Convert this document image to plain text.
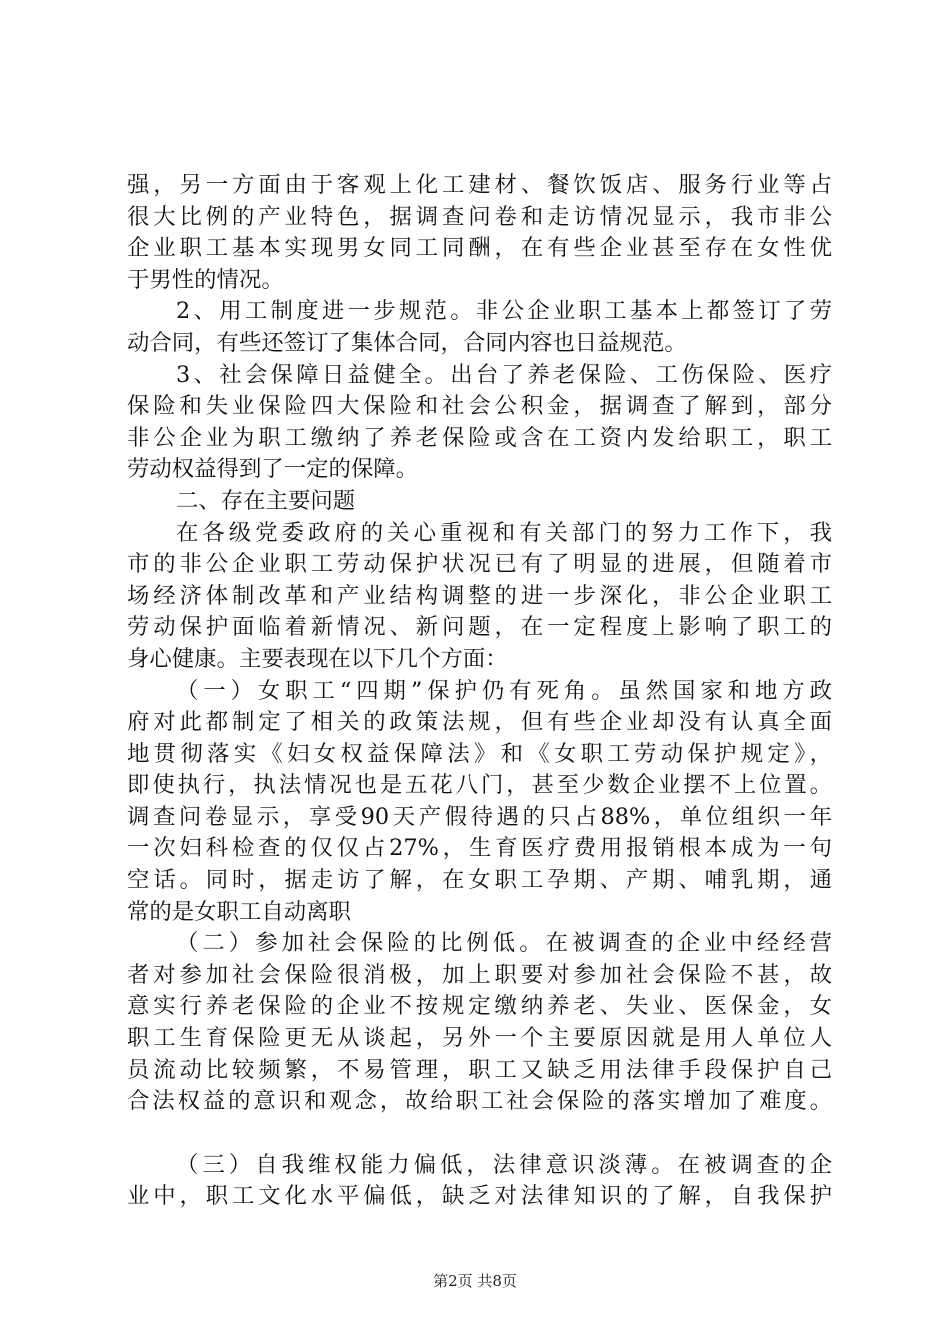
强，另一方面由于客观上化工建材、餐饮饭店、服务行业等占
很大比例的产业特色，据调查问卷和走访情况显示，我市非公
企业职工基本实现男女同工同酬，在有些企业甚至存在女性优
于男性的情况。
2、用工制度进一步规范。非公企业职工基本上都签订了劳
动合同，有些还签订了集体合同，合同内容也日益规范。
3、社会保障日益健全。出台了养老保险、工伤保险、医疗
保险和失业保险四大保险和社会公积金，据调查了解到，部分
非公企业为职工缴纳了养老保险或含在工资内发给职工，职工
劳动权益得到了一定的保障。
二、存在主要问题
在各级党委政府的关心重视和有关部门的努力工作下，我
市的非公企业职工劳动保护状况已有了明显的进展，但随着市
场经济体制改革和产业结构调整的进一步深化，非公企业职工
劳动保护面临着新情况、新问题，在一定程度上影响了职工的
身心健康。主要表现在以下几个方面：
（一）女职工“四期”保护仍有死角。虽然国家和地方政
府对此都制定了相关的政策法规，但有些企业却没有认真全面
地贯彻落实《妇女权益保障法》和《女职工劳动保护规定》，
即使执行，执法情况也是五花八门，甚至少数企业摆不上位置。
调查问卷显示，享受90天产假待遇的只占88%，单位组织一年
一次妇科检查的仅仅占27%，生育医疗费用报销根本成为一句
空话。同时，据走访了解，在女职工孕期、产期、哺乳期，通
常的是女职工自动离职
（二）参加社会保险的比例低。在被调查的企业中经经营
者对参加社会保险很消极，加上职要对参加社会保险不甚，故
意实行养老保险的企业不按规定缴纳养老、失业、医保金，女
职工生育保险更无从谈起，另外一个主要原因就是用人单位人
员流动比较频繁，不易管理，职工又缺乏用法律手段保护自己
合法权益的意识和观念，故给职工社会保险的落实增加了难度。
（三）自我维权能力偏低，法律意识淡薄。在被调查的企
业中，职工文化水平偏低，缺乏对法律知识的了解，自我保护
第2页 共8页
